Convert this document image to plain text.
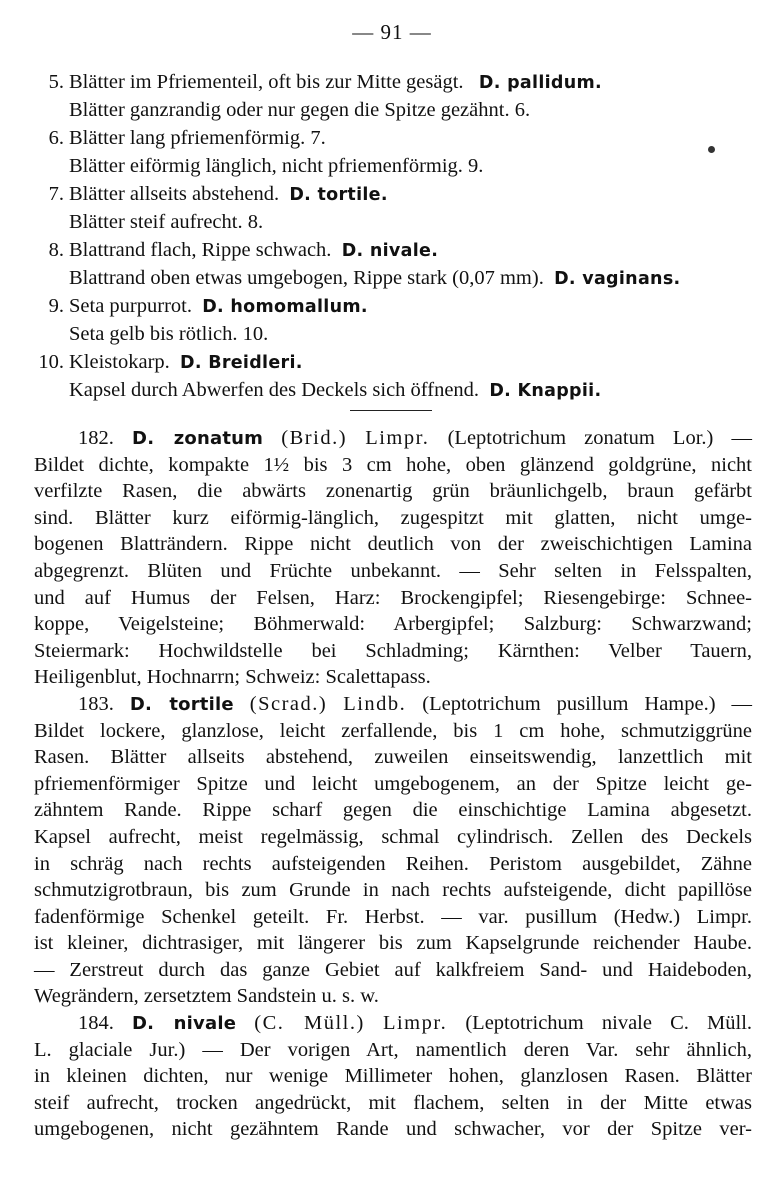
— 91 —
5. Blätter im Pfriementeil, oft bis zur Mitte gesägt. D. pallidum.
Blätter ganzrandig oder nur gegen die Spitze gezähnt. 6.
6. Blätter lang pfriemenförmig. 7.
Blätter eiförmig länglich, nicht pfriemenförmig. 9.
7. Blätter allseits abstehend. D. tortile.
Blätter steif aufrecht. 8.
8. Blattrand flach, Rippe schwach. D. nivale.
Blattrand oben etwas umgebogen, Rippe stark (0,07 mm). D. vaginans.
9. Seta purpurrot. D. homomallum.
Seta gelb bis rötlich. 10.
10. Kleistokarp. D. Breidleri.
Kapsel durch Abwerfen des Deckels sich öffnend. D. Knappii.
182. D. zonatum (Brid.) Limpr. (Leptotrichum zonatum Lor.) —
Bildet dichte, kompakte 1½ bis 3 cm hohe, oben glänzend goldgrüne, nicht
verfilzte Rasen, die abwärts zonenartig grün bräunlichgelb, braun gefärbt
sind. Blätter kurz eiförmig-länglich, zugespitzt mit glatten, nicht umge-
bogenen Blatträndern. Rippe nicht deutlich von der zweischichtigen Lamina
abgegrenzt. Blüten und Früchte unbekannt. — Sehr selten in Felsspalten,
und auf Humus der Felsen, Harz: Brockengipfel; Riesengebirge: Schnee-
koppe, Veigelsteine; Böhmerwald: Arbergipfel; Salzburg: Schwarzwand;
Steiermark: Hochwildstelle bei Schladming; Kärnthen: Velber Tauern,
Heiligenblut, Hochnarrn; Schweiz: Scalettapass.
183. D. tortile (Scrad.) Lindb. (Leptotrichum pusillum Hampe.) —
Bildet lockere, glanzlose, leicht zerfallende, bis 1 cm hohe, schmutziggrüne
Rasen. Blätter allseits abstehend, zuweilen einseitswendig, lanzettlich mit
pfriemenförmiger Spitze und leicht umgebogenem, an der Spitze leicht ge-
zähntem Rande. Rippe scharf gegen die einschichtige Lamina abgesetzt.
Kapsel aufrecht, meist regelmässig, schmal cylindrisch. Zellen des Deckels
in schräg nach rechts aufsteigenden Reihen. Peristom ausgebildet, Zähne
schmutzigrotbraun, bis zum Grunde in nach rechts aufsteigende, dicht papillöse
fadenförmige Schenkel geteilt. Fr. Herbst. — var. pusillum (Hedw.) Limpr.
ist kleiner, dichtrasiger, mit längerer bis zum Kapselgrunde reichender Haube.
— Zerstreut durch das ganze Gebiet auf kalkfreiem Sand- und Haideboden,
Wegrändern, zersetztem Sandstein u. s. w.
184. D. nivale (C. Müll.) Limpr. (Leptotrichum nivale C. Müll.
L. glaciale Jur.) — Der vorigen Art, namentlich deren Var. sehr ähnlich,
in kleinen dichten, nur wenige Millimeter hohen, glanzlosen Rasen. Blätter
steif aufrecht, trocken angedrückt, mit flachem, selten in der Mitte etwas
umgebogenen, nicht gezähntem Rande und schwacher, vor der Spitze ver-
